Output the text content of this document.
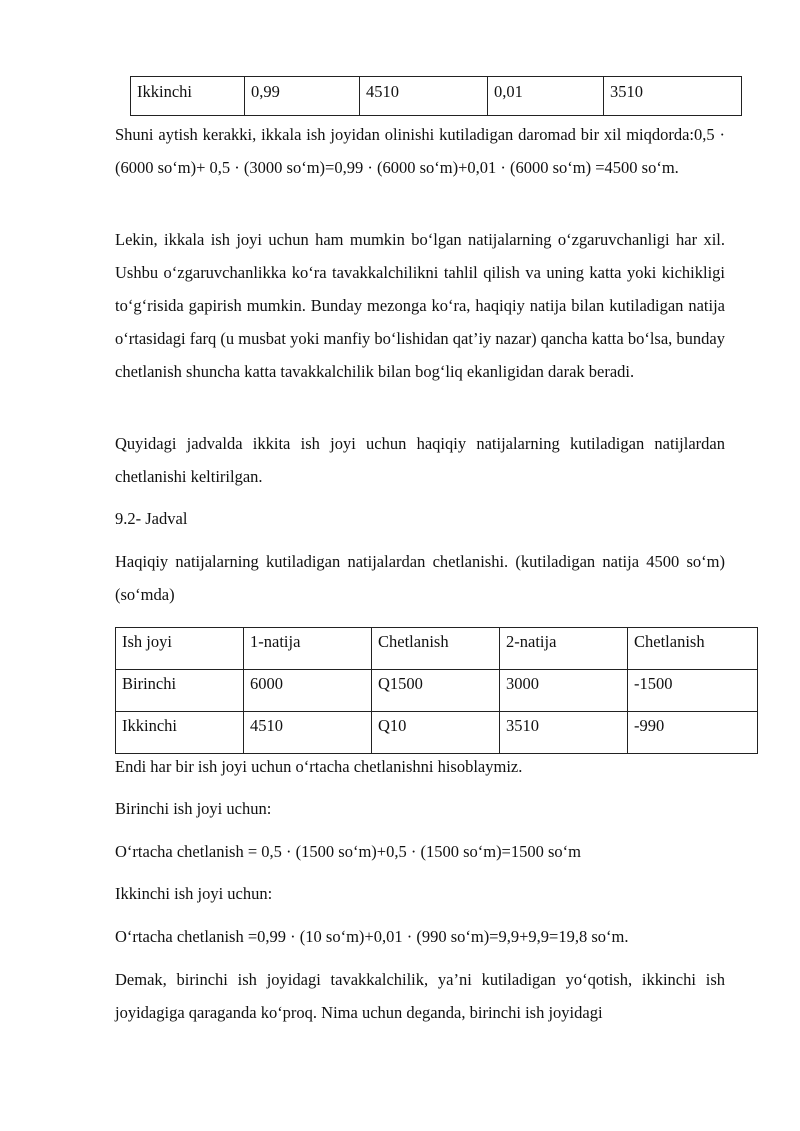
Ikkinchi	0,99	4510	0,01	3510

Shuni aytish kerakki, ikkala ish joyidan olinishi kutiladigan daromad bir xil miqdorda:0,5 · (6000 so‘m)+ 0,5 · (3000 so‘m)=0,99 · (6000 so‘m)+0,01 · (6000 so‘m) =4500 so‘m.

Lekin, ikkala ish joyi uchun ham mumkin bo‘lgan natijalarning o‘zgaruvchanligi har xil. Ushbu o‘zgaruvchanlikka ko‘ra tavakkalchilikni tahlil qilish va uning katta yoki kichikligi to‘g‘risida gapirish mumkin. Bunday mezonga ko‘ra, haqiqiy natija bilan kutiladigan natija o‘rtasidagi farq (u musbat yoki manfiy bo‘lishidan qat’iy nazar) qancha katta bo‘lsa, bunday chetlanish shuncha katta tavakkalchilik bilan bog‘liq ekanligidan darak beradi.

Quyidagi jadvalda ikkita ish joyi uchun haqiqiy natijalarning kutiladigan natijlardan chetlanishi keltirilgan.

9.2- Jadval

Haqiqiy natijalarning kutiladigan natijalardan chetlanishi. (kutiladigan natija 4500 so‘m) (so‘mda)

Ish joyi	1-natija	Chetlanish	2-natija	Chetlanish
Birinchi	6000	Q1500	3000	-1500
Ikkinchi	4510	Q10	3510	-990

Endi har bir ish joyi uchun o‘rtacha chetlanishni hisoblaymiz.

Birinchi ish joyi uchun:

O‘rtacha chetlanish = 0,5 · (1500 so‘m)+0,5 · (1500 so‘m)=1500 so‘m

Ikkinchi ish joyi uchun:

O‘rtacha chetlanish =0,99 · (10 so‘m)+0,01 · (990 so‘m)=9,9+9,9=19,8 so‘m.

Demak, birinchi ish joyidagi tavakkalchilik, ya’ni kutiladigan yo‘qotish, ikkinchi ish joyidagiga qaraganda ko‘proq. Nima uchun deganda, birinchi ish joyidagi
